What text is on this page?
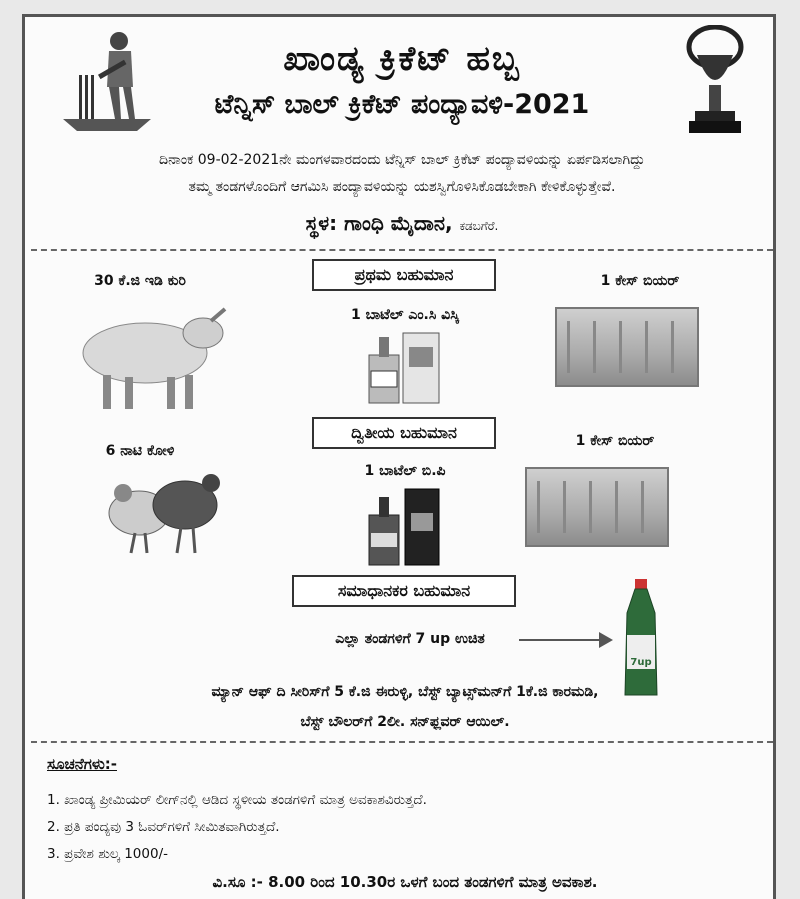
ಖಾಂಡ್ಯ ಕ್ರಿಕೆಟ್ ಹಬ್ಬ
ಟೆನ್ನಿಸ್ ಬಾಲ್ ಕ್ರಿಕೆಟ್ ಪಂದ್ಯಾವಳಿ-2021
ದಿನಾಂಕ 09-02-2021ನೇ ಮಂಗಳವಾರದಂದು ಟೆನ್ನಿಸ್ ಬಾಲ್ ಕ್ರಿಕೆಟ್ ಪಂದ್ಯಾವಳಿಯನ್ನು ಏರ್ಪಡಿಸಲಾಗಿದ್ದು
ತಮ್ಮ ತಂಡಗಳೊಂದಿಗೆ ಆಗಮಿಸಿ ಪಂದ್ಯಾವಳಿಯನ್ನು ಯಶಸ್ವಿಗೊಳಿಸಿಕೊಡಬೇಕಾಗಿ ಕೇಳಿಕೊಳ್ಳುತ್ತೇವೆ.
ಸ್ಥಳ: ಗಾಂಧಿ ಮೈದಾನ, ಕಡಬಗೆರೆ.
ಪ್ರಥಮ ಬಹುಮಾನ
30 ಕೆ.ಜಿ ಇಡಿ ಕುರಿ
1 ಬಾಟೆಲ್ ಎಂ.ಸಿ ವಿಸ್ಕಿ
1 ಕೇಸ್ ಬಿಯರ್
ದ್ವಿತೀಯ ಬಹುಮಾನ
6 ನಾಟಿ ಕೋಳಿ
1 ಬಾಟೆಲ್ ಬಿ.ಪಿ
1 ಕೇಸ್ ಬಿಯರ್
ಸಮಾಧಾನಕರ ಬಹುಮಾನ
ಎಲ್ಲಾ ತಂಡಗಳಿಗೆ 7 up ಉಚಿತ
7up
ಮ್ಯಾನ್ ಆಫ್ ದಿ ಸೀರಿಸ್‌ಗೆ 5 ಕೆ.ಜಿ ಈರುಳ್ಳಿ, ಬೆಸ್ಟ್ ಬ್ಯಾಟ್ಸ್‌ಮನ್‌ಗೆ 1ಕೆ.ಜಿ ಕಾರಮಡಿ,
ಬೆಸ್ಟ್ ಬೌಲರ್‌ಗೆ 2ಲೀ. ಸನ್‌ಫ್ಲವರ್ ಆಯಿಲ್.
ಸೂಚನೆಗಳು:-
1. ಖಾಂಡ್ಯ ಪ್ರೀಮಿಯರ್ ಲೀಗ್‌ನಲ್ಲಿ ಆಡಿದ ಸ್ಥಳೀಯ ತಂಡಗಳಿಗೆ ಮಾತ್ರ ಅವಕಾಶವಿರುತ್ತದೆ.
2. ಪ್ರತಿ ಪಂದ್ಯವು 3 ಓವರ್‌ಗಳಿಗೆ ಸೀಮಿತವಾಗಿರುತ್ತದೆ.
3. ಪ್ರವೇಶ ಶುಲ್ಕ 1000/-
ವಿ.ಸೂ :- 8.00 ರಿಂದ 10.30ರ ಒಳಗೆ ಬಂದ ತಂಡಗಳಿಗೆ ಮಾತ್ರ ಅವಕಾಶ.
